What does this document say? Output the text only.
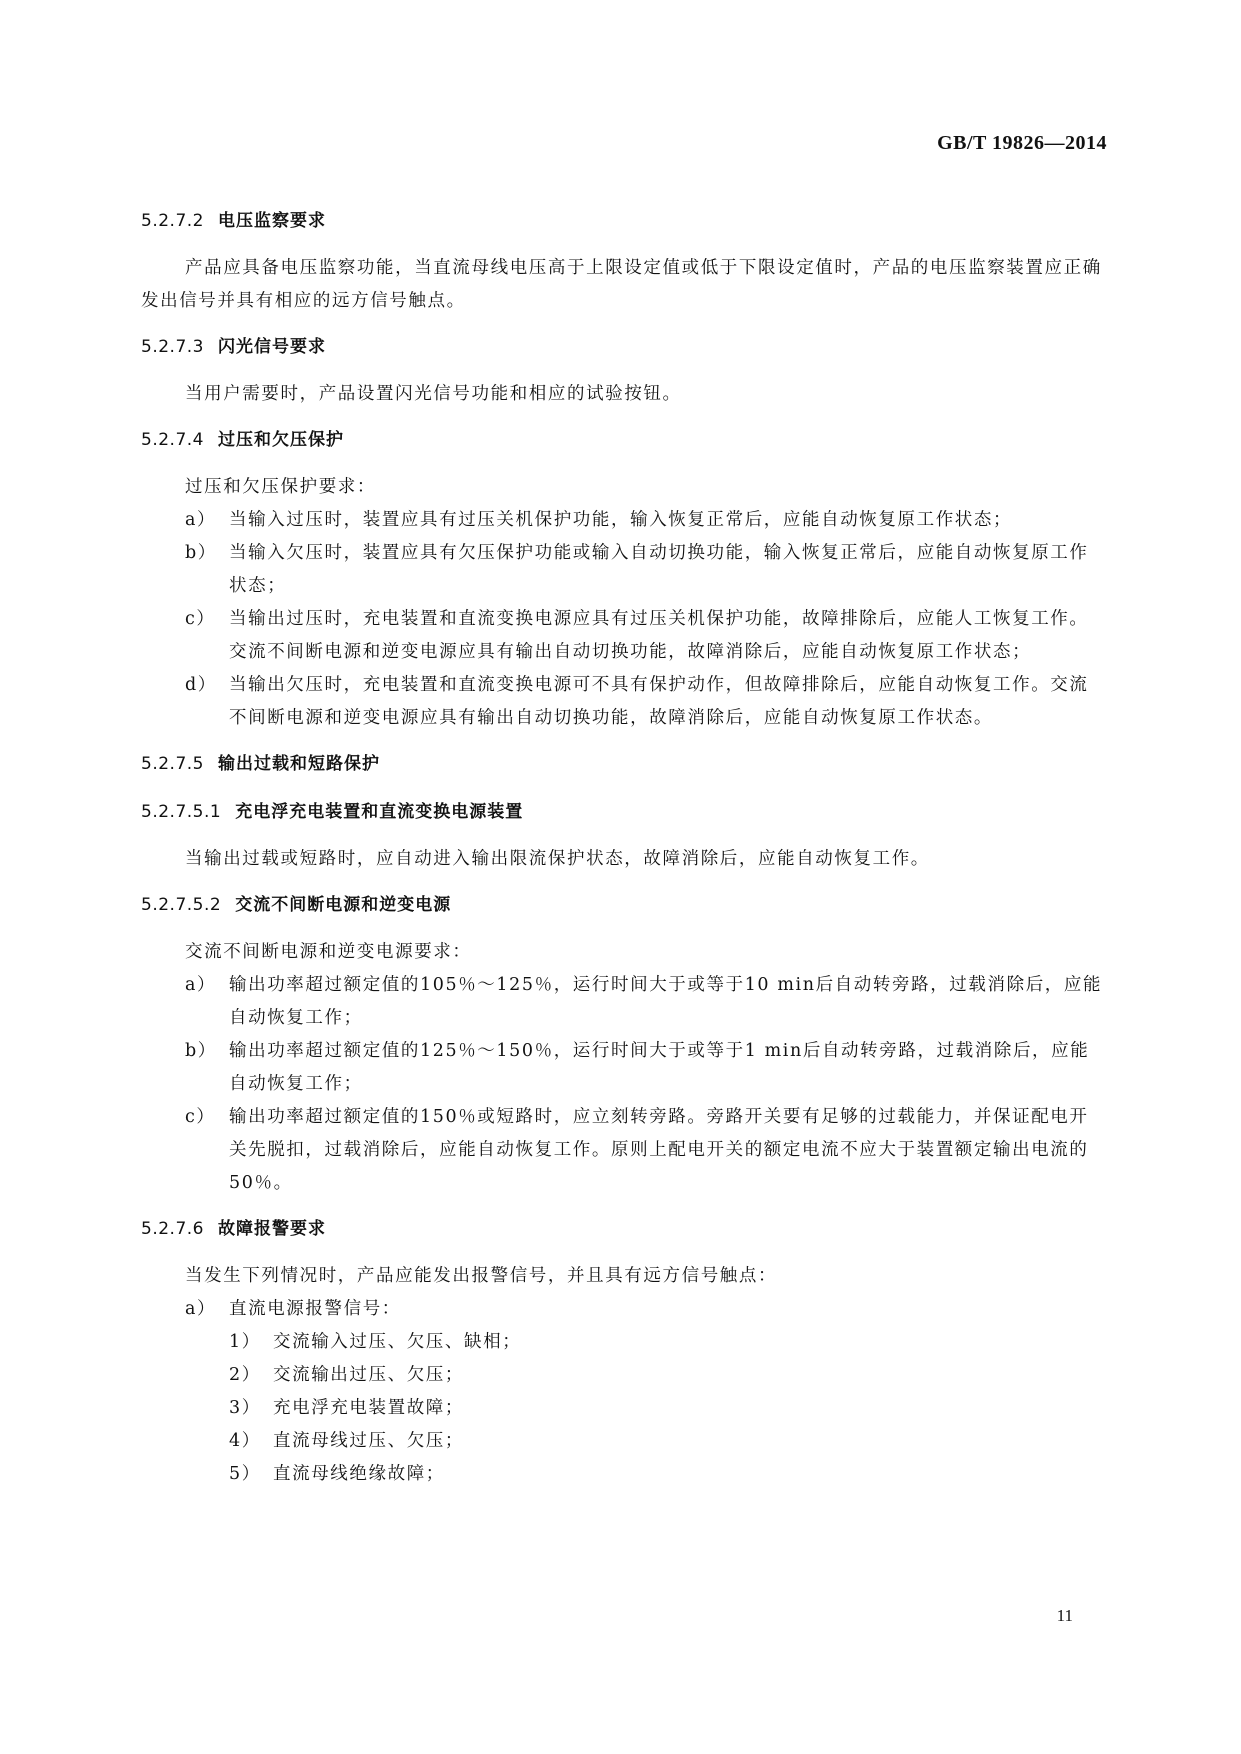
GB/T 19826—2014
5.2.7.2 电压监察要求
产品应具备电压监察功能，当直流母线电压高于上限设定值或低于下限设定值时，产品的电压监察装置应正确发出信号并具有相应的远方信号触点。
5.2.7.3 闪光信号要求
当用户需要时，产品设置闪光信号功能和相应的试验按钮。
5.2.7.4 过压和欠压保护
过压和欠压保护要求：
a） 当输入过压时，装置应具有过压关机保护功能，输入恢复正常后，应能自动恢复原工作状态；
b） 当输入欠压时，装置应具有欠压保护功能或输入自动切换功能，输入恢复正常后，应能自动恢复原工作状态；
c） 当输出过压时，充电装置和直流变换电源应具有过压关机保护功能，故障排除后，应能人工恢复工作。交流不间断电源和逆变电源应具有输出自动切换功能，故障消除后，应能自动恢复原工作状态；
d） 当输出欠压时，充电装置和直流变换电源可不具有保护动作，但故障排除后，应能自动恢复工作。交流不间断电源和逆变电源应具有输出自动切换功能，故障消除后，应能自动恢复原工作状态。
5.2.7.5 输出过载和短路保护
5.2.7.5.1 充电浮充电装置和直流变换电源装置
当输出过载或短路时，应自动进入输出限流保护状态，故障消除后，应能自动恢复工作。
5.2.7.5.2 交流不间断电源和逆变电源
交流不间断电源和逆变电源要求：
a） 输出功率超过额定值的105％～125％，运行时间大于或等于10 min后自动转旁路，过载消除后，应能自动恢复工作；
b） 输出功率超过额定值的125％～150％，运行时间大于或等于1 min后自动转旁路，过载消除后，应能自动恢复工作；
c） 输出功率超过额定值的150％或短路时，应立刻转旁路。旁路开关要有足够的过载能力，并保证配电开关先脱扣，过载消除后，应能自动恢复工作。原则上配电开关的额定电流不应大于装置额定输出电流的50％。
5.2.7.6 故障报警要求
当发生下列情况时，产品应能发出报警信号，并且具有远方信号触点：
a） 直流电源报警信号：
1） 交流输入过压、欠压、缺相；
2） 交流输出过压、欠压；
3） 充电浮充电装置故障；
4） 直流母线过压、欠压；
5） 直流母线绝缘故障；
11
